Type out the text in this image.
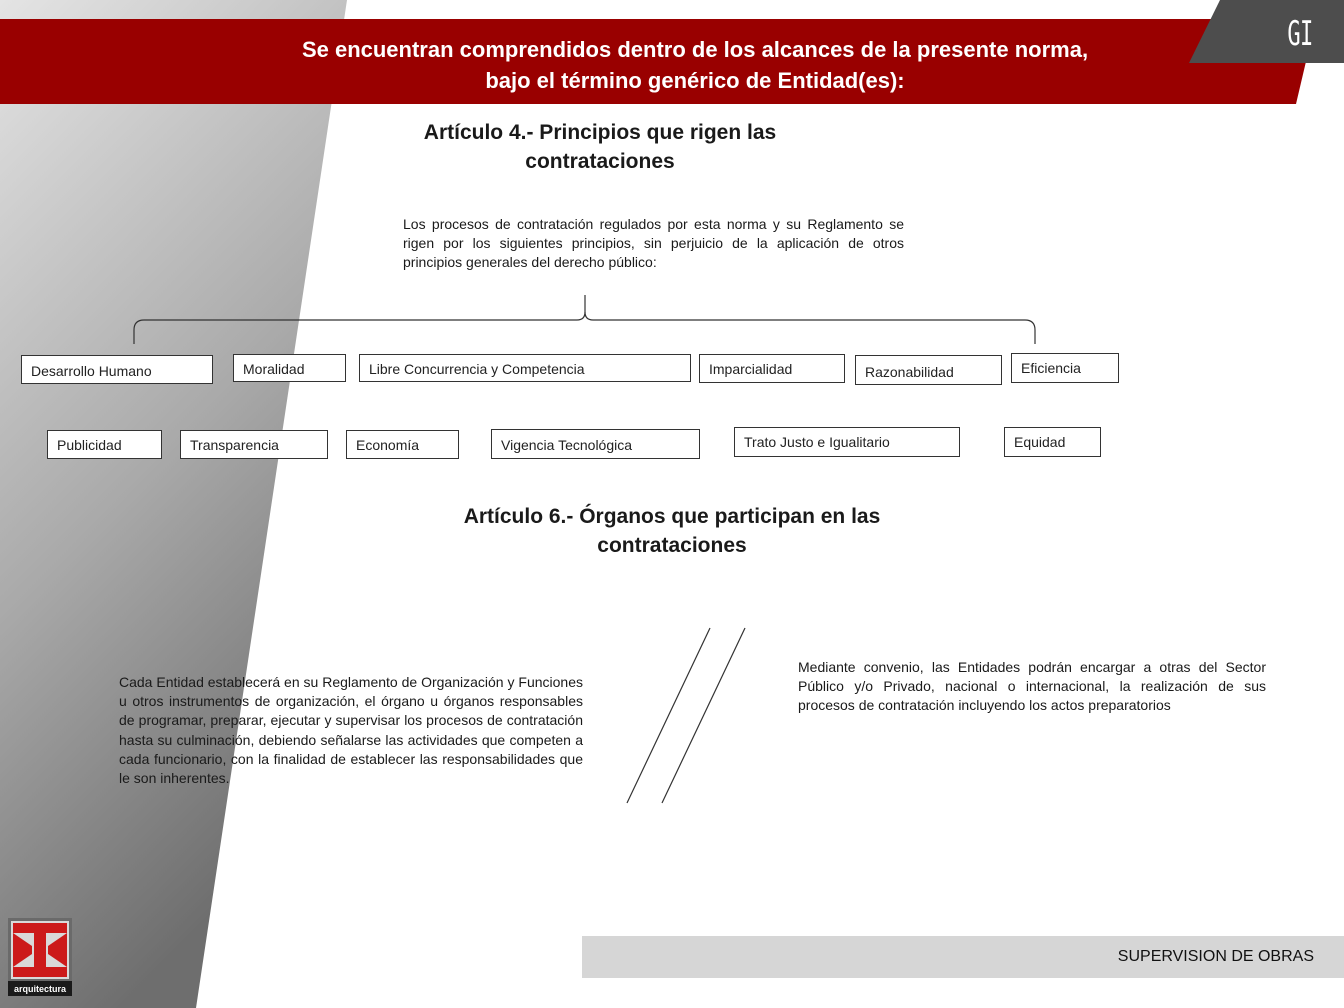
Se encuentran comprendidos dentro de los alcances de la presente norma,
bajo el término genérico de Entidad(es):
GI
Artículo 4.- Principios que rigen las
contrataciones
Los procesos de contratación regulados por esta norma y su Reglamento se rigen por los siguientes principios, sin perjuicio de la aplicación de otros principios generales del derecho público:
Desarrollo Humano	Moralidad	Libre Concurrencia y Competencia	Imparcialidad	Razonabilidad	Eficiencia
Publicidad	Transparencia	Economía	Vigencia Tecnológica	Trato Justo e Igualitario	Equidad
Artículo 6.- Órganos que participan en las
contrataciones
Cada Entidad establecerá en su Reglamento de Organización y Funciones u otros instrumentos de organización, el órgano u órganos responsables de programar, preparar, ejecutar y supervisar los procesos de contratación hasta su culminación, debiendo señalarse las actividades que competen a cada funcionario, con la finalidad de establecer las responsabilidades que le son inherentes.
Mediante convenio, las Entidades podrán encargar a otras del Sector Público y/o Privado, nacional o internacional, la realización de sus procesos de contratación incluyendo los actos preparatorios
SUPERVISION DE OBRAS
arquitectura
